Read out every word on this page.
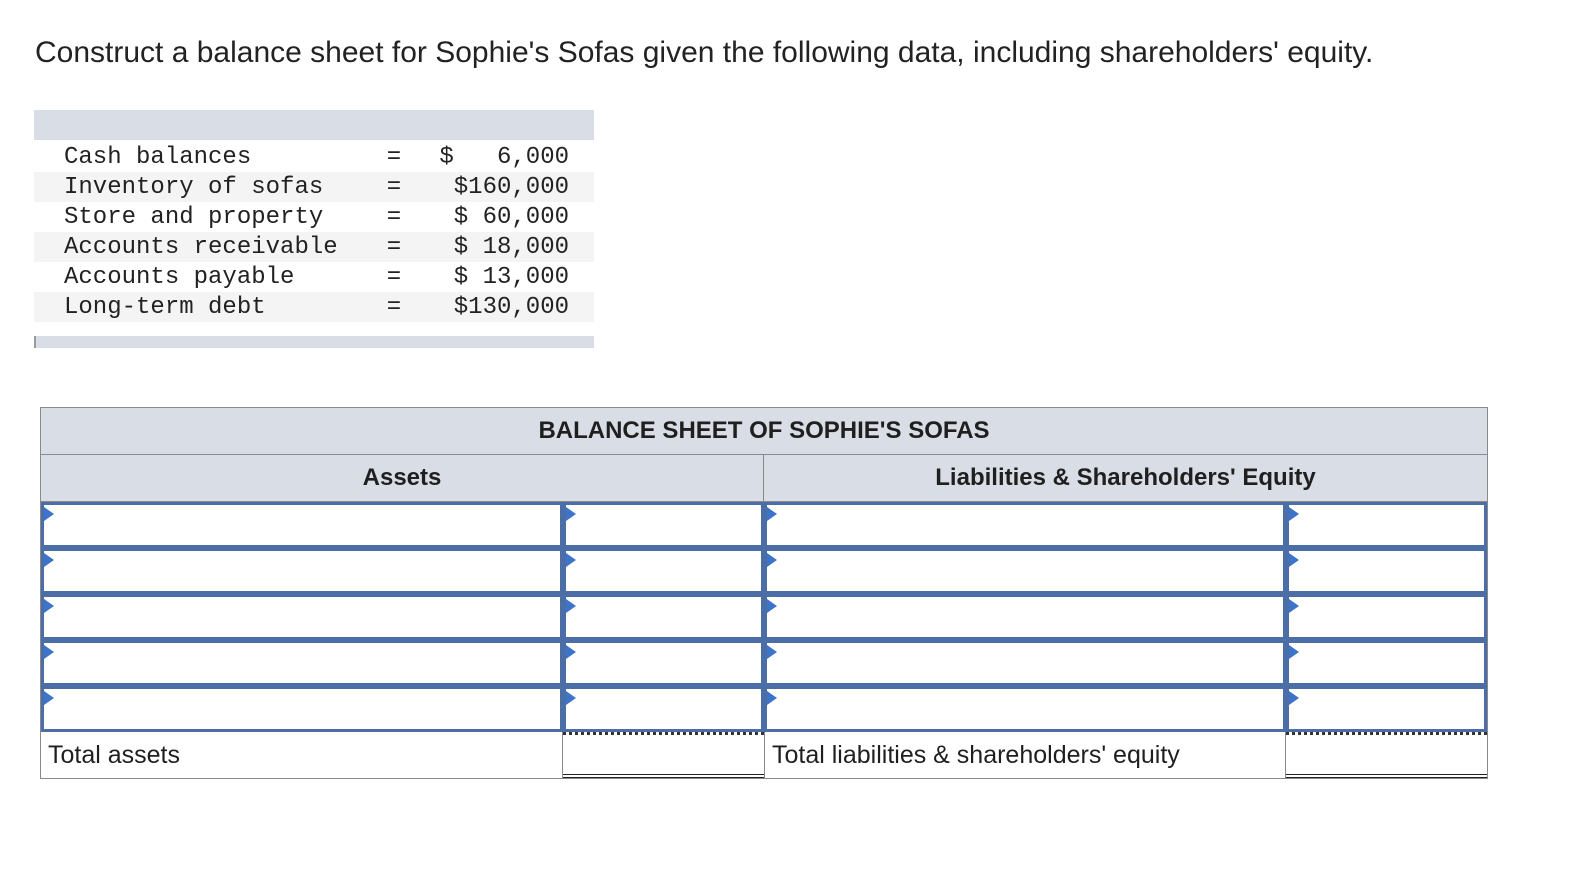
Construct a balance sheet for Sophie's Sofas given the following data, including shareholders' equity.
Cash balances	=	$   6,000
Inventory of sofas	=	$160,000
Store and property	=	$ 60,000
Accounts receivable	=	$ 18,000
Accounts payable	=	$ 13,000
Long-term debt	=	$130,000
BALANCE SHEET OF SOPHIE'S SOFAS
Assets	Liabilities & Shareholders' Equity
Total assets	Total liabilities & shareholders' equity
